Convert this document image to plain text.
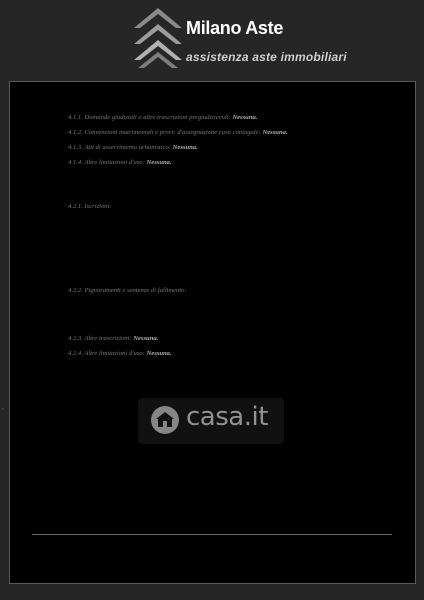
Milano Aste
assistenza aste immobiliari
4.1.1. Domande giudiziali o altre trascrizioni pregiudizievoli: Nessuna.
4.1.2. Convenzioni matrimoniali e provv. d'assegnazione casa coniugale: Nessuna.
4.1.3. Atti di asservimento urbanistico: Nessuna.
4.1.4. Altre limitazioni d'uso: Nessuna.
4.2.1. Iscrizioni:
4.2.2. Pignoramenti e sentenze di fallimento:
4.2.3. Altre trascrizioni: Nessuna.
4.2.4. Altre limitazioni d'uso: Nessuna.
casa.it
‹
